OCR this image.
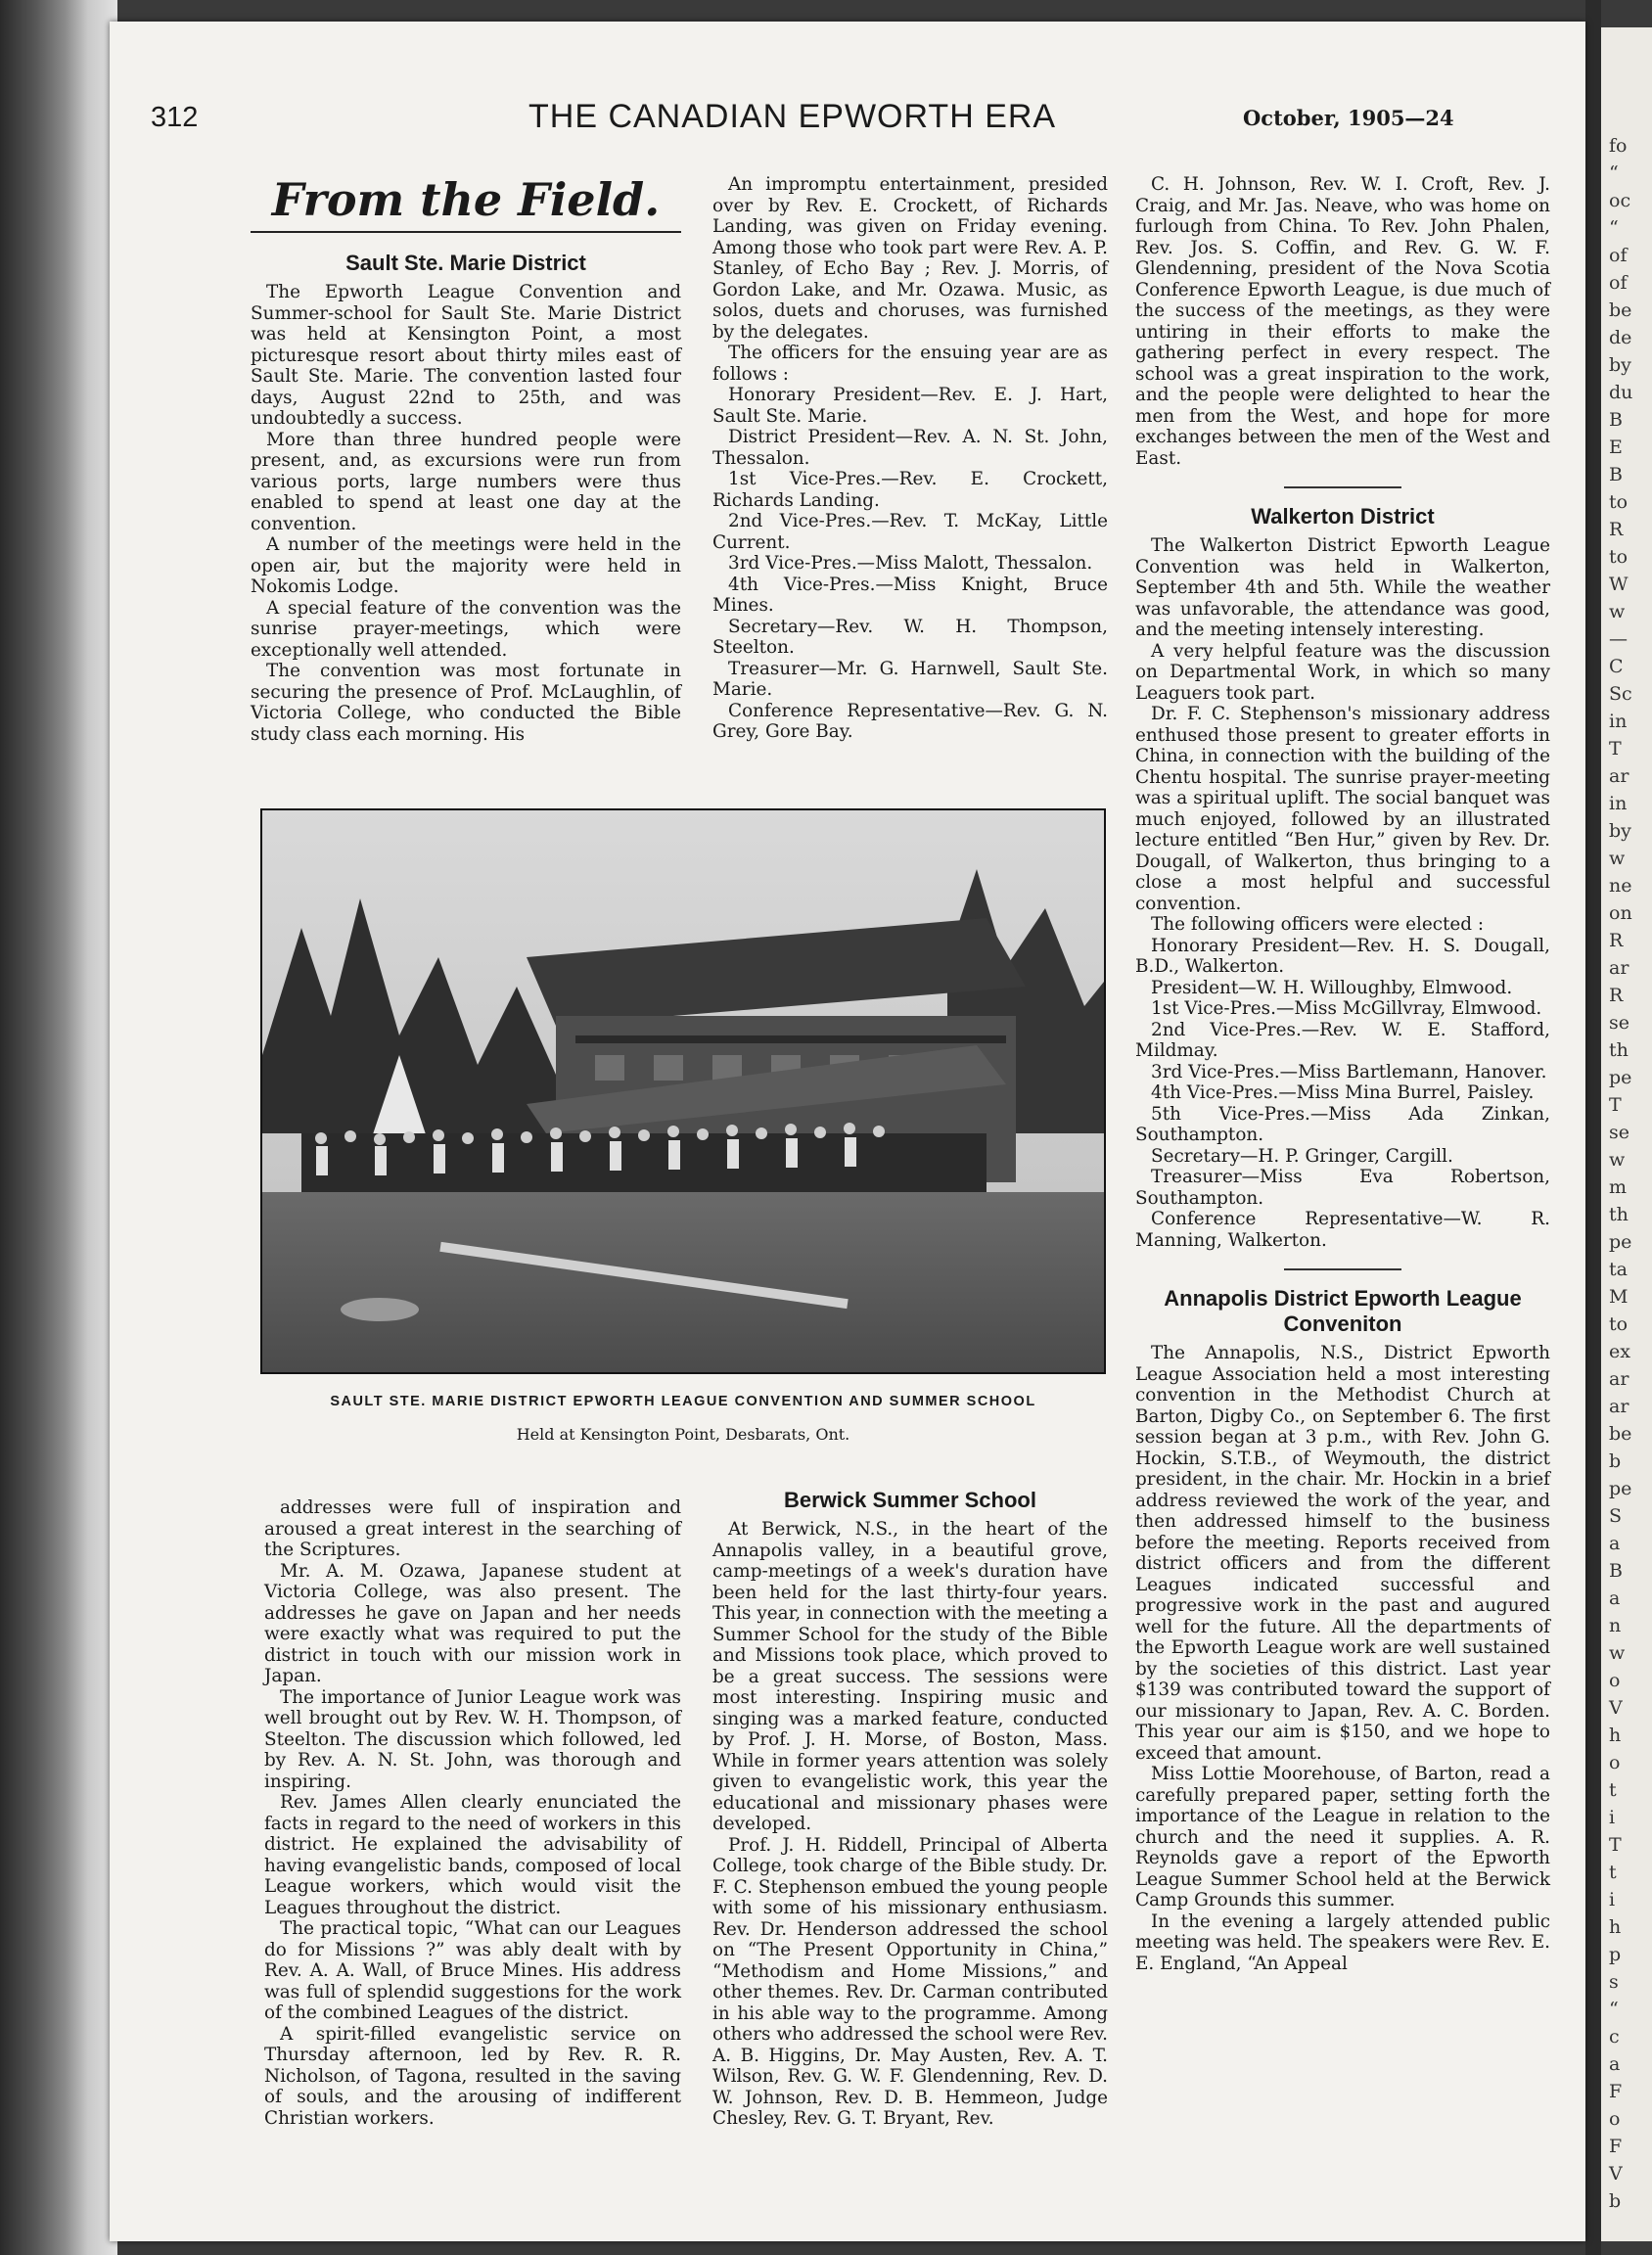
fo
“
oc
“
of
of
be
de
by
du
B
E
B
to
R
to
W
w
—
C
Sc
in
T
ar
in
by
w
ne
on
R
ar
R
se
th
pe
T
se
w
m
th
pe
ta
M
to
ex
ar
ar
be
b
pe
S
a
B
a
n
w
o
V
h
o
t
i
T
t
i
h
p
s
“
c
a
F
o
F
V
b
312	THE CANADIAN EPWORTH ERA	October, 1905—24
From the Field.
Sault Ste. Marie District

The Epworth League Convention and Summer-school for Sault Ste. Marie District was held at Kensington Point, a most picturesque resort about thirty miles east of Sault Ste. Marie. The convention lasted four days, August 22nd to 25th, and was undoubtedly a success.

More than three hundred people were present, and, as excursions were run from various ports, large numbers were thus enabled to spend at least one day at the convention.

A number of the meetings were held in the open air, but the majority were held in Nokomis Lodge.

A special feature of the convention was the sunrise prayer-meetings, which were exceptionally well attended.

The convention was most fortunate in securing the presence of Prof. McLaughlin, of Victoria College, who conducted the Bible study class each morning. His

An impromptu entertainment, presided over by Rev. E. Crockett, of Richards Landing, was given on Friday evening. Among those who took part were Rev. A. P. Stanley, of Echo Bay ; Rev. J. Morris, of Gordon Lake, and Mr. Ozawa. Music, as solos, duets and choruses, was furnished by the delegates.

The officers for the ensuing year are as follows :

Honorary President—Rev. E. J. Hart, Sault Ste. Marie.

District President—Rev. A. N. St. John, Thessalon.

1st Vice-Pres.—Rev. E. Crockett, Richards Landing.

2nd Vice-Pres.—Rev. T. McKay, Little Current.

3rd Vice-Pres.—Miss Malott, Thessalon.

4th Vice-Pres.—Miss Knight, Bruce Mines.

Secretary—Rev. W. H. Thompson, Steelton.

Treasurer—Mr. G. Harnwell, Sault Ste. Marie.

Conference Representative—Rev. G. N. Grey, Gore Bay.

C. H. Johnson, Rev. W. I. Croft, Rev. J. Craig, and Mr. Jas. Neave, who was home on furlough from China. To Rev. John Phalen, Rev. Jos. S. Coffin, and Rev. G. W. F. Glendenning, president of the Nova Scotia Conference Epworth League, is due much of the success of the meetings, as they were untiring in their efforts to make the gathering perfect in every respect. The school was a great inspiration to the work, and the people were delighted to hear the men from the West, and hope for more exchanges between the men of the West and East.

Walkerton District

The Walkerton District Epworth League Convention was held in Walkerton, September 4th and 5th. While the weather was unfavorable, the attendance was good, and the meeting intensely interesting.

A very helpful feature was the discussion on Departmental Work, in which so many Leaguers took part.

Dr. F. C. Stephenson's missionary address enthused those present to greater efforts in China, in connection with the building of the Chentu hospital. The sunrise prayer-meeting was a spiritual uplift. The social banquet was much enjoyed, followed by an illustrated lecture entitled “Ben Hur,” given by Rev. Dr. Dougall, of Walkerton, thus bringing to a close a most helpful and successful convention.

The following officers were elected :

Honorary President—Rev. H. S. Dougall, B.D., Walkerton.

President—W. H. Willoughby, Elmwood.

1st Vice-Pres.—Miss McGillvray, Elmwood.

2nd Vice-Pres.—Rev. W. E. Stafford, Mildmay.

3rd Vice-Pres.—Miss Bartlemann, Hanover.

4th Vice-Pres.—Miss Mina Burrel, Paisley.

5th Vice-Pres.—Miss Ada Zinkan, Southampton.

Secretary—H. P. Gringer, Cargill.

Treasurer—Miss Eva Robertson, Southampton.

Conference Representative—W. R. Manning, Walkerton.

Annapolis District Epworth League Conveniton

The Annapolis, N.S., District Epworth League Association held a most interesting convention in the Methodist Church at Barton, Digby Co., on September 6. The first session began at 3 p.m., with Rev. John G. Hockin, S.T.B., of Weymouth, the district president, in the chair. Mr. Hockin in a brief address reviewed the work of the year, and then addressed himself to the business before the meeting. Reports received from district officers and from the different Leagues indicated successful and progressive work in the past and augured well for the future. All the departments of the Epworth League work are well sustained by the societies of this district. Last year $139 was contributed toward the support of our missionary to Japan, Rev. A. C. Borden. This year our aim is $150, and we hope to exceed that amount.

Miss Lottie Moorehouse, of Barton, read a carefully prepared paper, setting forth the importance of the League in relation to the church and the need it supplies. A. R. Reynolds gave a report of the Epworth League Summer School held at the Berwick Camp Grounds this summer.

In the evening a largely attended public meeting was held. The speakers were Rev. E. E. England, “An Appeal

SAULT STE. MARIE DISTRICT EPWORTH LEAGUE CONVENTION AND SUMMER SCHOOL
Held at Kensington Point, Desbarats, Ont.

addresses were full of inspiration and aroused a great interest in the searching of the Scriptures.

Mr. A. M. Ozawa, Japanese student at Victoria College, was also present. The addresses he gave on Japan and her needs were exactly what was required to put the district in touch with our mission work in Japan.

The importance of Junior League work was well brought out by Rev. W. H. Thompson, of Steelton. The discussion which followed, led by Rev. A. N. St. John, was thorough and inspiring.

Rev. James Allen clearly enunciated the facts in regard to the need of workers in this district. He explained the advisability of having evangelistic bands, composed of local League workers, which would visit the Leagues throughout the district.

The practical topic, “What can our Leagues do for Missions ?” was ably dealt with by Rev. A. A. Wall, of Bruce Mines. His address was full of splendid suggestions for the work of the combined Leagues of the district.

A spirit-filled evangelistic service on Thursday afternoon, led by Rev. R. R. Nicholson, of Tagona, resulted in the saving of souls, and the arousing of indifferent Christian workers.

Berwick Summer School

At Berwick, N.S., in the heart of the Annapolis valley, in a beautiful grove, camp-meetings of a week's duration have been held for the last thirty-four years. This year, in connection with the meeting a Summer School for the study of the Bible and Missions took place, which proved to be a great success. The sessions were most interesting. Inspiring music and singing was a marked feature, conducted by Prof. J. H. Morse, of Boston, Mass. While in former years attention was solely given to evangelistic work, this year the educational and missionary phases were developed.

Prof. J. H. Riddell, Principal of Alberta College, took charge of the Bible study. Dr. F. C. Stephenson embued the young people with some of his missionary enthusiasm. Rev. Dr. Henderson addressed the school on “The Present Opportunity in China,” “Methodism and Home Missions,” and other themes. Rev. Dr. Carman contributed in his able way to the programme. Among others who addressed the school were Rev. A. B. Higgins, Dr. May Austen, Rev. A. T. Wilson, Rev. G. W. F. Glendenning, Rev. D. W. Johnson, Rev. D. B. Hemmeon, Judge Chesley, Rev. G. T. Bryant, Rev.
